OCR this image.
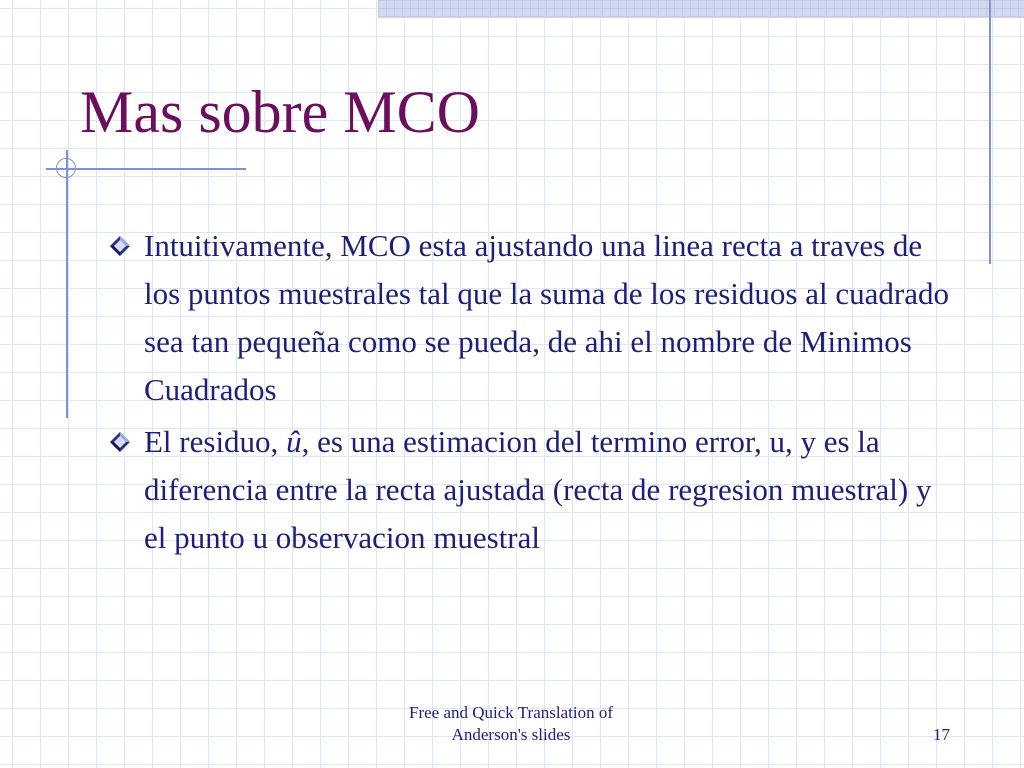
Mas sobre MCO
Intuitivamente, MCO esta ajustando una linea recta a traves de los puntos muestrales tal que la suma de los residuos al cuadrado sea tan pequeña como se pueda, de ahi el nombre de Minimos Cuadrados
El residuo, û, es una estimacion del termino error, u, y es la diferencia entre la recta ajustada (recta de regresion muestral) y el punto u observacion muestral
Free and Quick Translation of
Anderson's slides	17
